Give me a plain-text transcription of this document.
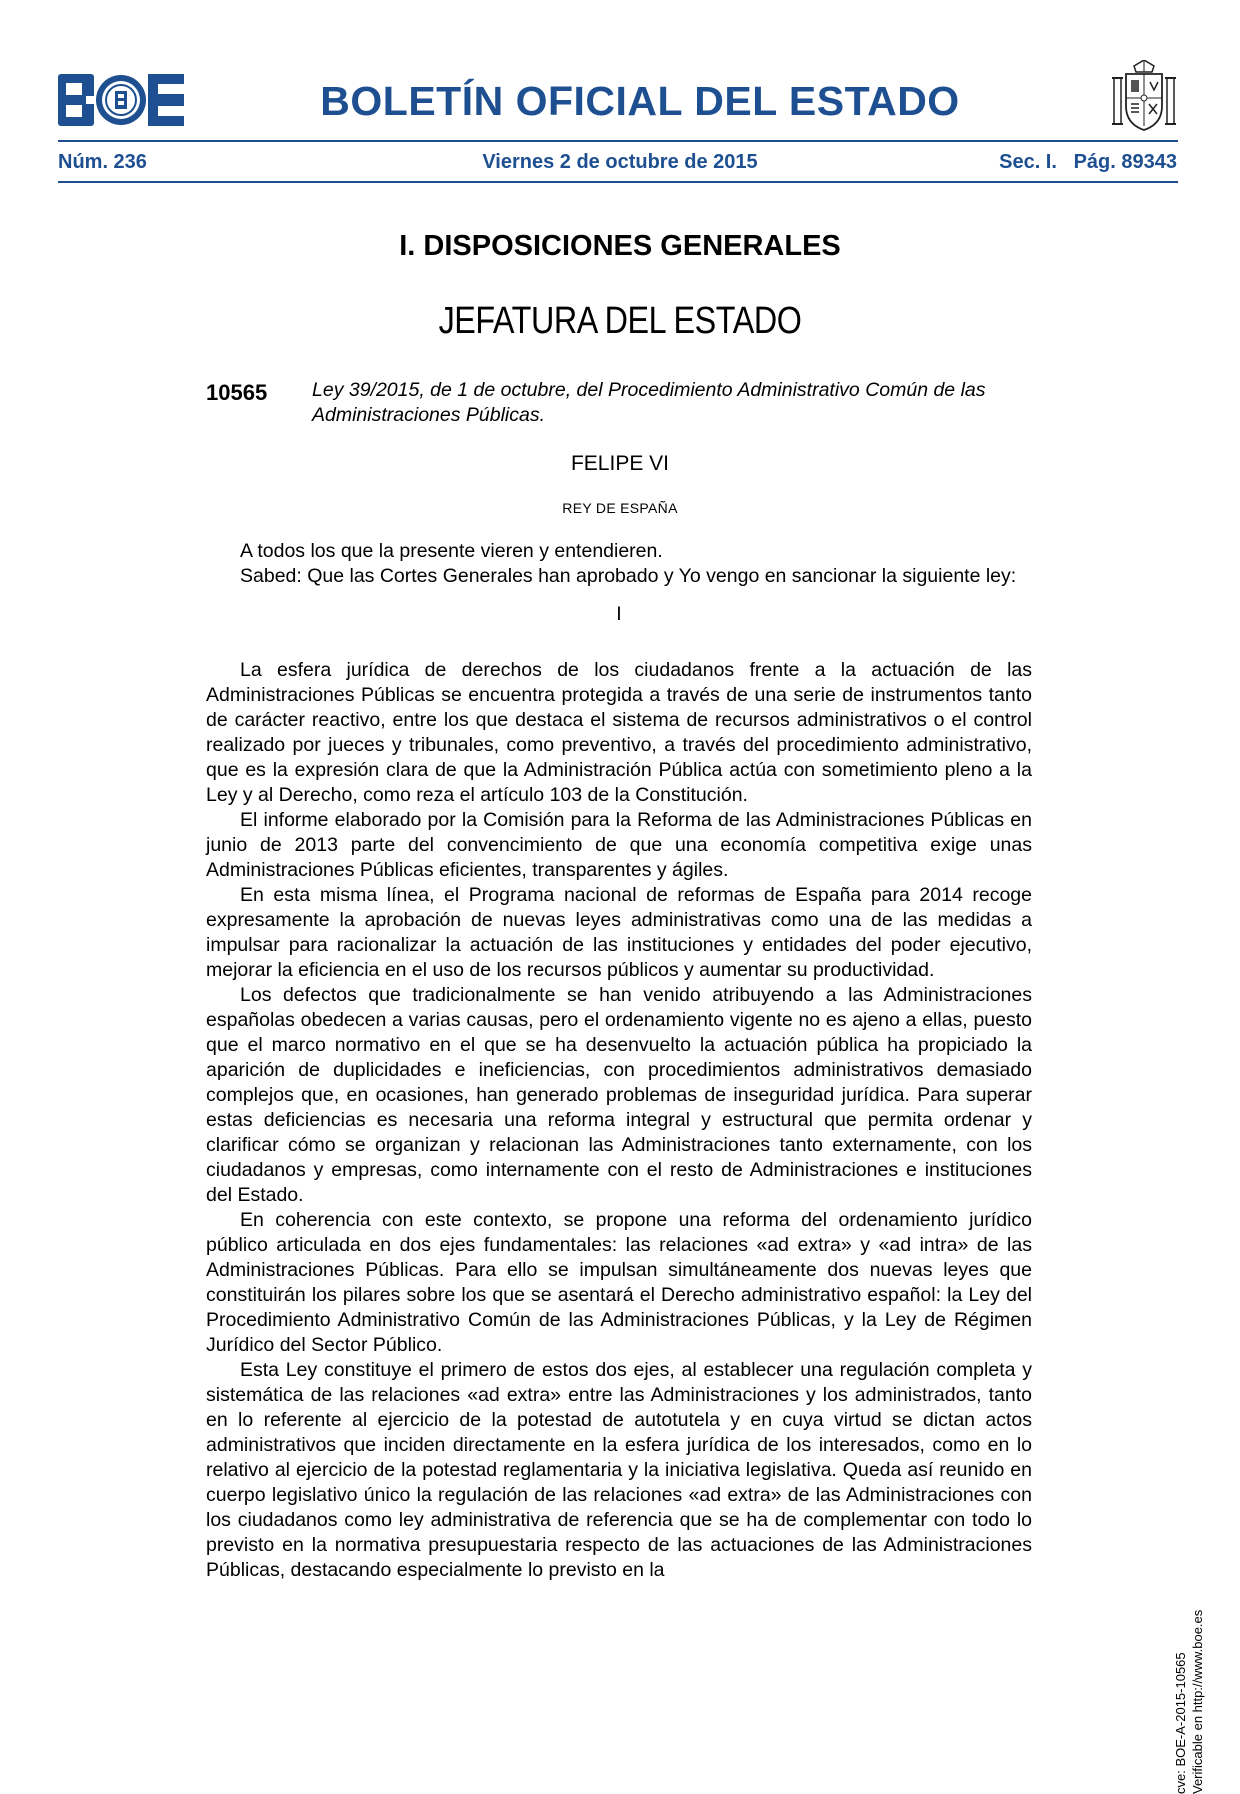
BOLETÍN OFICIAL DEL ESTADO
Núm. 236	Viernes 2 de octubre de 2015	Sec. I.   Pág. 89343
I. DISPOSICIONES GENERALES
JEFATURA DEL ESTADO
10565 Ley 39/2015, de 1 de octubre, del Procedimiento Administrativo Común de las Administraciones Públicas.
FELIPE VI
REY DE ESPAÑA

A todos los que la presente vieren y entendieren.

Sabed: Que las Cortes Generales han aprobado y Yo vengo en sancionar la siguiente ley:

I

La esfera jurídica de derechos de los ciudadanos frente a la actuación de las Administraciones Públicas se encuentra protegida a través de una serie de instrumentos tanto de carácter reactivo, entre los que destaca el sistema de recursos administrativos o el control realizado por jueces y tribunales, como preventivo, a través del procedimiento administrativo, que es la expresión clara de que la Administración Pública actúa con sometimiento pleno a la Ley y al Derecho, como reza el artículo 103 de la Constitución.

El informe elaborado por la Comisión para la Reforma de las Administraciones Públicas en junio de 2013 parte del convencimiento de que una economía competitiva exige unas Administraciones Públicas eficientes, transparentes y ágiles.

En esta misma línea, el Programa nacional de reformas de España para 2014 recoge expresamente la aprobación de nuevas leyes administrativas como una de las medidas a impulsar para racionalizar la actuación de las instituciones y entidades del poder ejecutivo, mejorar la eficiencia en el uso de los recursos públicos y aumentar su productividad.

Los defectos que tradicionalmente se han venido atribuyendo a las Administraciones españolas obedecen a varias causas, pero el ordenamiento vigente no es ajeno a ellas, puesto que el marco normativo en el que se ha desenvuelto la actuación pública ha propiciado la aparición de duplicidades e ineficiencias, con procedimientos administrativos demasiado complejos que, en ocasiones, han generado problemas de inseguridad jurídica. Para superar estas deficiencias es necesaria una reforma integral y estructural que permita ordenar y clarificar cómo se organizan y relacionan las Administraciones tanto externamente, con los ciudadanos y empresas, como internamente con el resto de Administraciones e instituciones del Estado.

En coherencia con este contexto, se propone una reforma del ordenamiento jurídico público articulada en dos ejes fundamentales: las relaciones «ad extra» y «ad intra» de las Administraciones Públicas. Para ello se impulsan simultáneamente dos nuevas leyes que constituirán los pilares sobre los que se asentará el Derecho administrativo español: la Ley del Procedimiento Administrativo Común de las Administraciones Públicas, y la Ley de Régimen Jurídico del Sector Público.

Esta Ley constituye el primero de estos dos ejes, al establecer una regulación completa y sistemática de las relaciones «ad extra» entre las Administraciones y los administrados, tanto en lo referente al ejercicio de la potestad de autotutela y en cuya virtud se dictan actos administrativos que inciden directamente en la esfera jurídica de los interesados, como en lo relativo al ejercicio de la potestad reglamentaria y la iniciativa legislativa. Queda así reunido en cuerpo legislativo único la regulación de las relaciones «ad extra» de las Administraciones con los ciudadanos como ley administrativa de referencia que se ha de complementar con todo lo previsto en la normativa presupuestaria respecto de las actuaciones de las Administraciones Públicas, destacando especialmente lo previsto en la

cve: BOE-A-2015-10565 Verificable en http://www.boe.es
